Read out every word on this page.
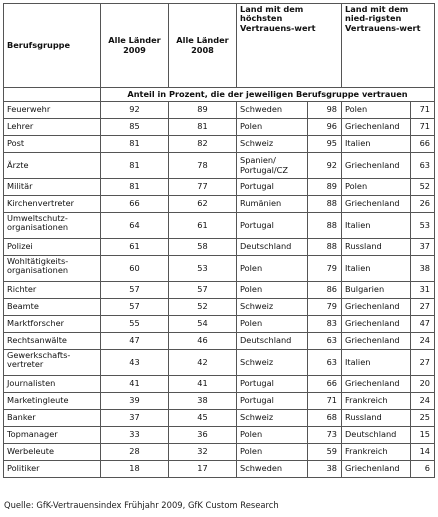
Berufsgruppe	Alle Länder 2009	Alle Länder 2008	Land mit dem höchsten Vertrauens-wert		Land mit dem nied-rigsten Vertrauens-wert	
	Anteil in Prozent, die der jeweiligen Berufsgruppe vertrauen					
Feuerwehr	92	89	Schweden	98	Polen	71
Lehrer	85	81	Polen	96	Griechenland	71
Post	81	82	Schweiz	95	Italien	66
Ärzte	81	78	Spanien/ Portugal/CZ	92	Griechenland	63
Militär	81	77	Portugal	89	Polen	52
Kirchenvertreter	66	62	Rumänien	88	Griechenland	26
Umweltschutz-organisationen	64	61	Portugal	88	Italien	53
Polizei	61	58	Deutschland	88	Russland	37
Wohltätigkeits-organisationen	60	53	Polen	79	Italien	38
Richter	57	57	Polen	86	Bulgarien	31
Beamte	57	52	Schweiz	79	Griechenland	27
Marktforscher	55	54	Polen	83	Griechenland	47
Rechtsanwälte	47	46	Deutschland	63	Griechenland	24
Gewerkschafts-vertreter	43	42	Schweiz	63	Italien	27
Journalisten	41	41	Portugal	66	Griechenland	20
Marketingleute	39	38	Portugal	71	Frankreich	24
Banker	37	45	Schweiz	68	Russland	25
Topmanager	33	36	Polen	73	Deutschland	15
Werbeleute	28	32	Polen	59	Frankreich	14
Politiker	18	17	Schweden	38	Griechenland	6
Quelle: GfK-Vertrauensindex Frühjahr 2009, GfK Custom Research
